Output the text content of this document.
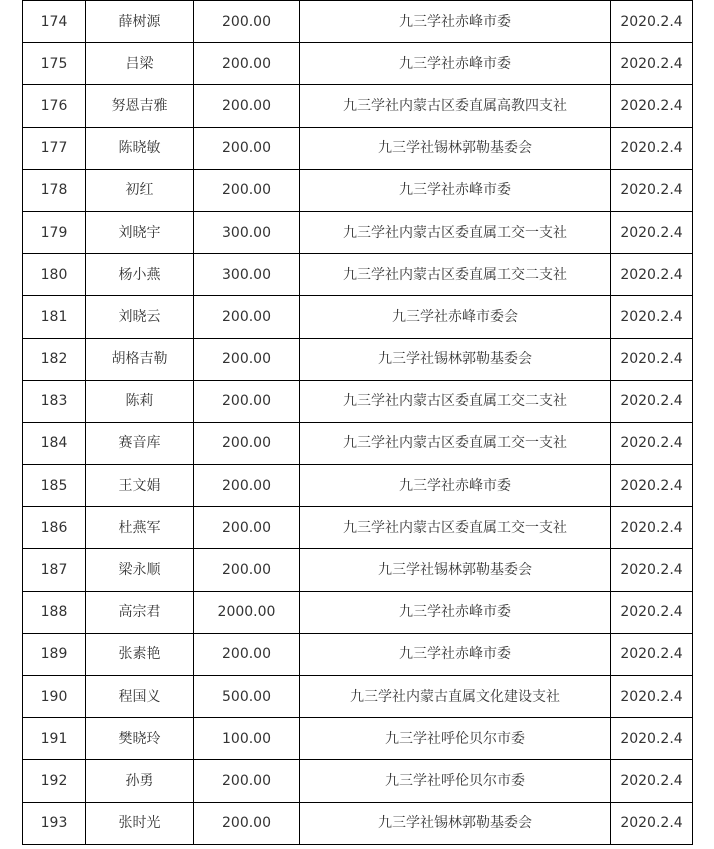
174	薛树源	200.00	九三学社赤峰市委	2020.2.4
175	吕梁	200.00	九三学社赤峰市委	2020.2.4
176	努恩吉雅	200.00	九三学社内蒙古区委直属高教四支社	2020.2.4
177	陈晓敏	200.00	九三学社锡林郭勒基委会	2020.2.4
178	初红	200.00	九三学社赤峰市委	2020.2.4
179	刘晓宇	300.00	九三学社内蒙古区委直属工交一支社	2020.2.4
180	杨小燕	300.00	九三学社内蒙古区委直属工交二支社	2020.2.4
181	刘晓云	200.00	九三学社赤峰市委会	2020.2.4
182	胡格吉勒	200.00	九三学社锡林郭勒基委会	2020.2.4
183	陈莉	200.00	九三学社内蒙古区委直属工交二支社	2020.2.4
184	赛音库	200.00	九三学社内蒙古区委直属工交一支社	2020.2.4
185	王文娟	200.00	九三学社赤峰市委	2020.2.4
186	杜燕军	200.00	九三学社内蒙古区委直属工交一支社	2020.2.4
187	梁永顺	200.00	九三学社锡林郭勒基委会	2020.2.4
188	高宗君	2000.00	九三学社赤峰市委	2020.2.4
189	张素艳	200.00	九三学社赤峰市委	2020.2.4
190	程国义	500.00	九三学社内蒙古直属文化建设支社	2020.2.4
191	樊晓玲	100.00	九三学社呼伦贝尔市委	2020.2.4
192	孙勇	200.00	九三学社呼伦贝尔市委	2020.2.4
193	张时光	200.00	九三学社锡林郭勒基委会	2020.2.4
